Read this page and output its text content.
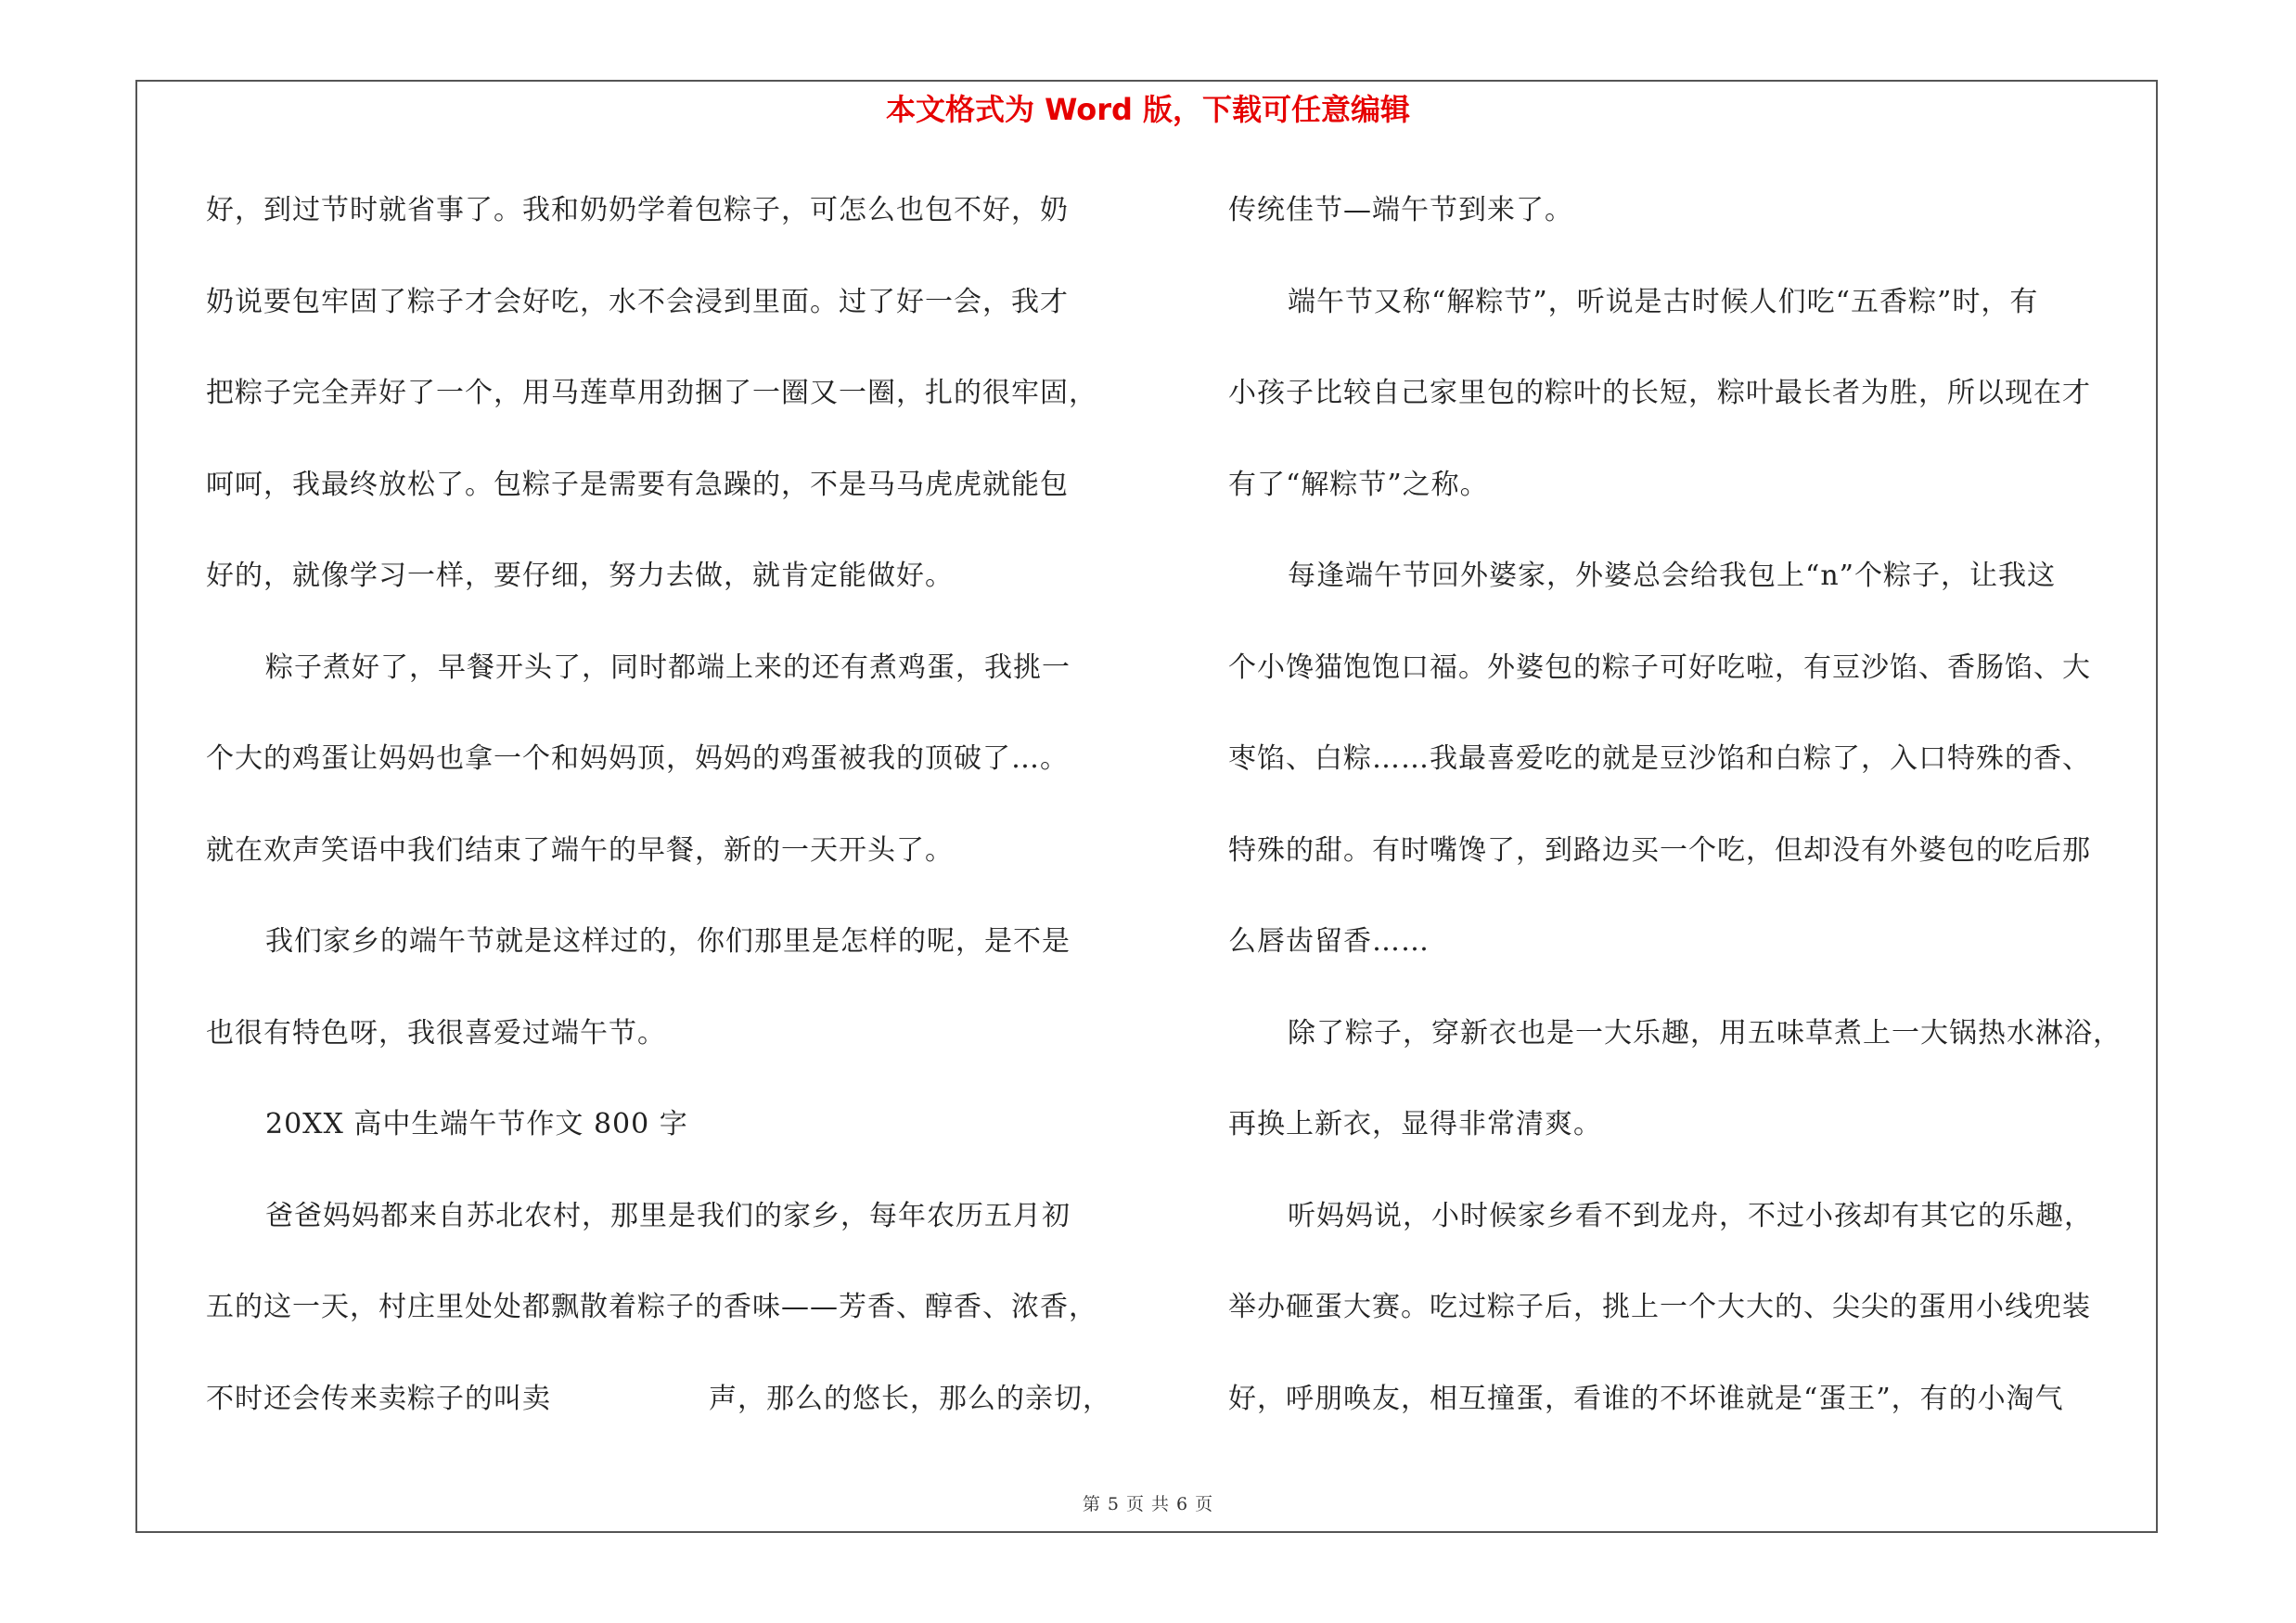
本文格式为 Word 版，下载可任意编辑
好，到过节时就省事了。我和奶奶学着包粽子，可怎么也包不好，奶
奶说要包牢固了粽子才会好吃，水不会浸到里面。过了好一会，我才
把粽子完全弄好了一个，用马莲草用劲捆了一圈又一圈，扎的很牢固，
呵呵，我最终放松了。包粽子是需要有急躁的，不是马马虎虎就能包
好的，就像学习一样，要仔细，努力去做，就肯定能做好。
粽子煮好了，早餐开头了，同时都端上来的还有煮鸡蛋，我挑一
个大的鸡蛋让妈妈也拿一个和妈妈顶，妈妈的鸡蛋被我的顶破了…。
就在欢声笑语中我们结束了端午的早餐，新的一天开头了。
我们家乡的端午节就是这样过的，你们那里是怎样的呢，是不是
也很有特色呀，我很喜爱过端午节。
20XX 高中生端午节作文 800 字
爸爸妈妈都来自苏北农村，那里是我们的家乡，每年农历五月初
五的这一天，村庄里处处都飘散着粽子的香味——芳香、醇香、浓香，
不时还会传来卖粽子的叫卖	声，那么的悠长，那么的亲切，
传统佳节—端午节到来了。
端午节又称“解粽节”，听说是古时候人们吃“五香粽”时，有
小孩子比较自己家里包的粽叶的长短，粽叶最长者为胜，所以现在才
有了“解粽节”之称。
每逢端午节回外婆家，外婆总会给我包上“n”个粽子，让我这
个小馋猫饱饱口福。外婆包的粽子可好吃啦，有豆沙馅、香肠馅、大
枣馅、白粽……我最喜爱吃的就是豆沙馅和白粽了，入口特殊的香、
特殊的甜。有时嘴馋了，到路边买一个吃，但却没有外婆包的吃后那
么唇齿留香……
除了粽子，穿新衣也是一大乐趣，用五味草煮上一大锅热水淋浴，
再换上新衣，显得非常清爽。
听妈妈说，小时候家乡看不到龙舟，不过小孩却有其它的乐趣，
举办砸蛋大赛。吃过粽子后，挑上一个大大的、尖尖的蛋用小线兜装
好，呼朋唤友，相互撞蛋，看谁的不坏谁就是“蛋王”，有的小淘气
第 5 页 共 6 页
